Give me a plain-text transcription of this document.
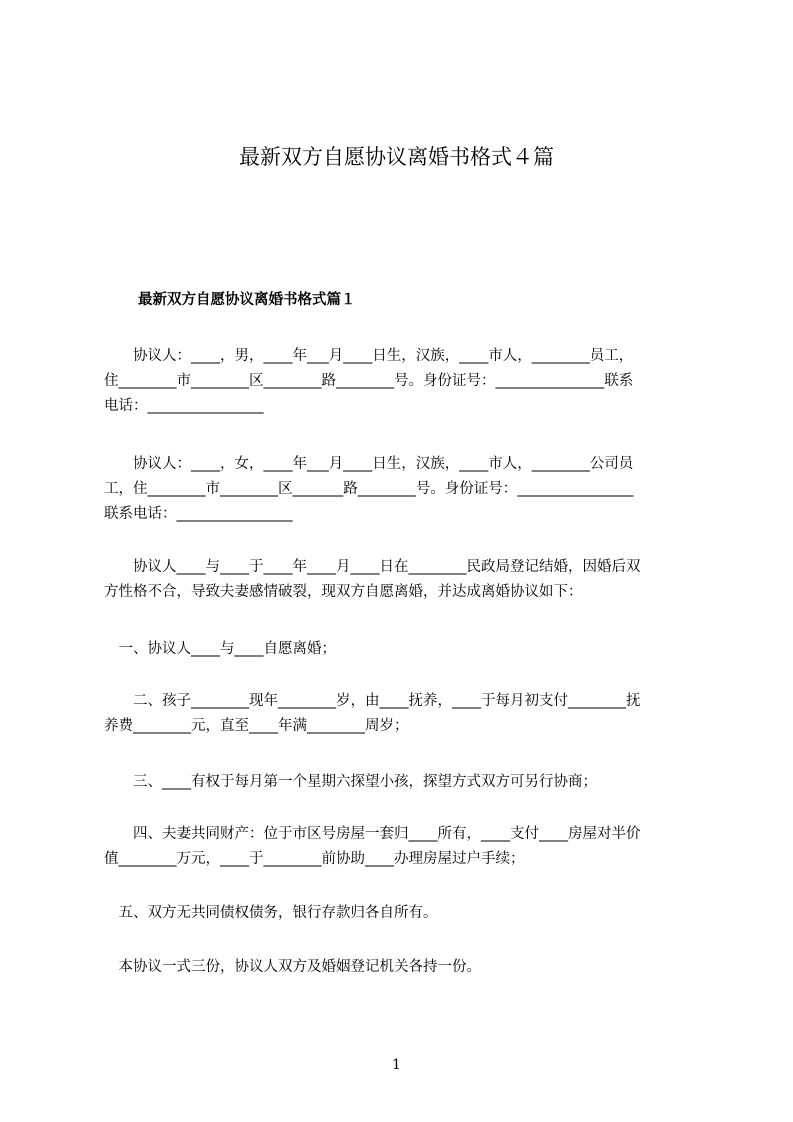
最新双方自愿协议离婚书格式４篇
最新双方自愿协议离婚书格式篇１
　　协议人：____，男，____年___月____日生，汉族，____市人，________员工，
住________市________区________路________号。身份证号：_______________联系
电话：________________
　　协议人：____，女，____年___月____日生，汉族，____市人，________公司员
工，住________市________区_______路________号。身份证号：________________
联系电话：________________
　　协议人____与____于____年____月____日在________民政局登记结婚，因婚后双
方性格不合，导致夫妻感情破裂，现双方自愿离婚，并达成离婚协议如下：
　一、协议人____与____自愿离婚；
　　二、孩子________现年________岁，由____抚养，____于每月初支付________抚
养费________元，直至____年满________周岁；
　　三、____有权于每月第一个星期六探望小孩，探望方式双方可另行协商；
　　四、夫妻共同财产：位于市区号房屋一套归____所有，____支付____房屋对半价
值________万元，____于________前协助____办理房屋过户手续；
　五、双方无共同债权债务，银行存款归各自所有。
　本协议一式三份，协议人双方及婚姻登记机关各持一份。
1
